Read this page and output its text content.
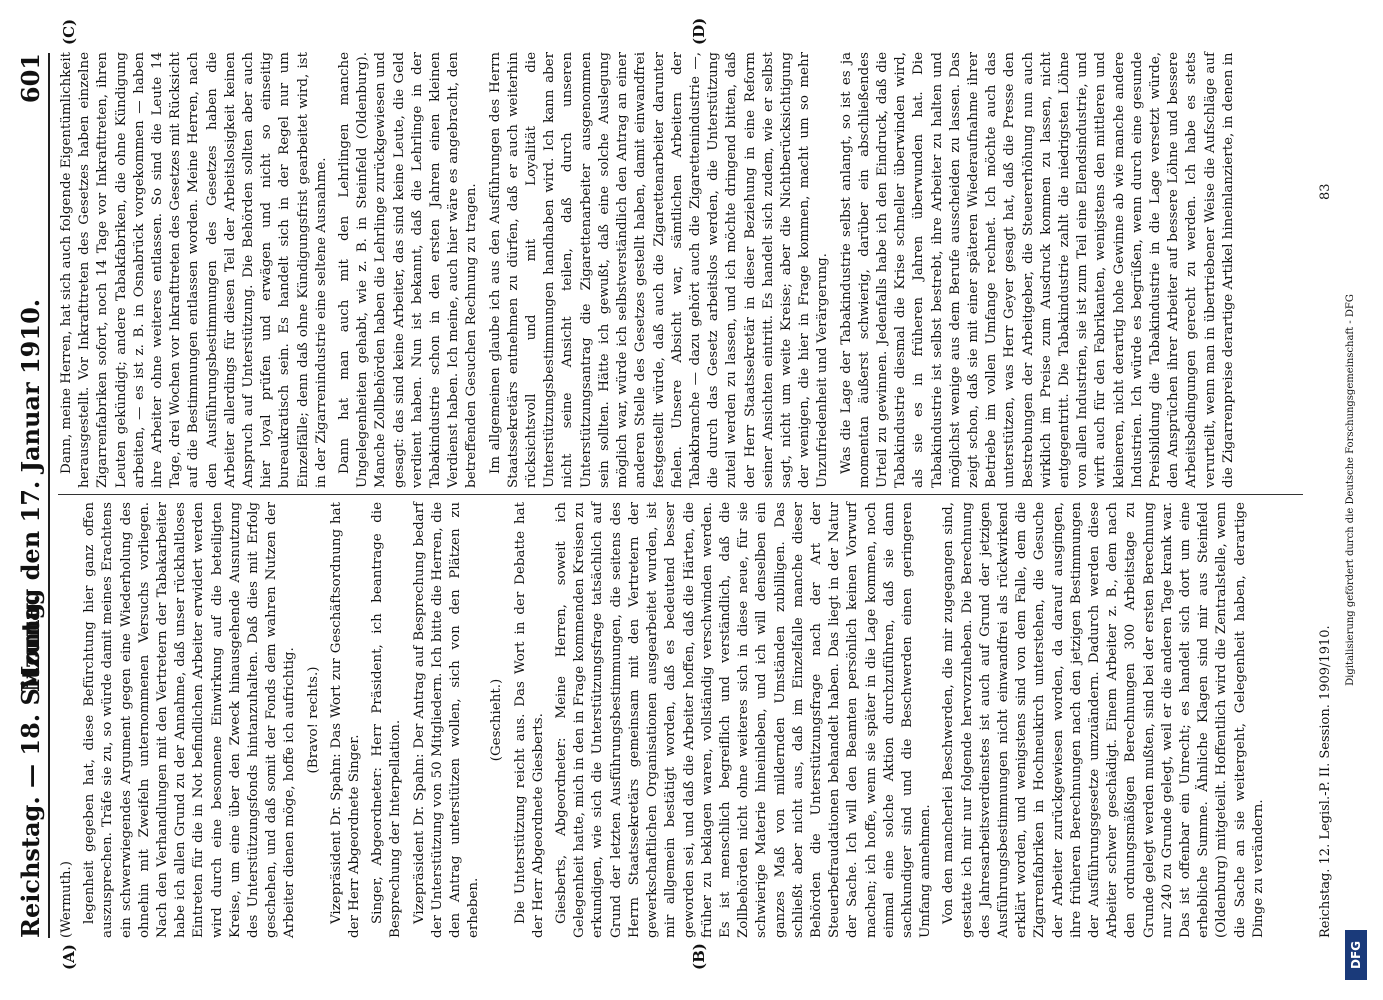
Reichstag. — 18. Sitzung.
Montag den 17. Januar 1910.
601
(A)	(B)
(C)	(D)

(Wermuth.) legenheit gegeben hat, diese Befürchtung hier ganz offen auszusprechen. Träfe sie zu, so würde damit meines Erachtens ein schwerwiegendes Argument gegen eine Wiederholung des ohnehin mit Zweifeln unternommenen Versuchs vorliegen. Nach den Verhandlungen mit den Vertretern der Tabakarbeiter habe ich allen Grund zu der Annahme, daß unser rückhaltloses Eintreten für die in Not befindlichen Arbeiter erwidert werden wird durch eine besonnene Einwirkung auf die beteiligten Kreise, um eine über den Zweck hinausgehende Ausnutzung des Unterstützungsfonds hintanzuhalten. Daß dies mit Erfolg geschehen, und daß somit der Fonds dem wahren Nutzen der Arbeiter dienen möge, hoffe ich aufrichtig. (Bravo! rechts.) Vizepräsident Dr. Spahn: Das Wort zur Geschäftsordnung hat der Herr Abgeordnete Singer. Singer, Abgeordneter: Herr Präsident, ich beantrage die Besprechung der Interpellation. Vizepräsident Dr. Spahn: Der Antrag auf Besprechung bedarf der Unterstützung von 50 Mitgliedern. Ich bitte die Herren, die den Antrag unterstützen wollen, sich von den Plätzen zu erheben.

(Geschieht.) Die Unterstützung reicht aus. Das Wort in der Debatte hat der Herr Abgeordnete Giesberts. Giesberts, Abgeordneter: Meine Herren, soweit ich Gelegenheit hatte, mich in den in Frage kommenden Kreisen zu erkundigen, wie sich die Unterstützungsfrage tatsächlich auf Grund der letzten Ausführungsbestimmungen, die seitens des Herrn Staatssekretärs gemeinsam mit den Vertretern der gewerkschaftlichen Organisationen ausgearbeitet wurden, ist mir allgemein bestätigt worden, daß es bedeutend besser geworden sei, und daß die Arbeiter hoffen, daß die Härten, die früher zu beklagen waren, vollständig verschwinden werden. Es ist menschlich begreiflich und verständlich, daß die Zollbehörden nicht ohne weiteres sich in diese neue, für sie schwierige Materie hineinleben, und ich will denselben ein ganzes Maß von mildernden Umständen zubilligen. Das schließt aber nicht aus, daß im Einzelfalle manche dieser Behörden die Unterstützungsfrage nach der Art der Steuerbefraudationen behandelt haben. Das liegt in der Natur der Sache. Ich will den Beamten persönlich keinen Vorwurf machen; ich hoffe, wenn sie später in die Lage kommen, noch einmal eine solche Aktion durchzuführen, daß sie dann sachkundiger sind und die Beschwerden einen geringeren Umfang annehmen. Von den mancherlei Beschwerden, die mir zugegangen sind, gestatte ich mir nur folgende hervorzuheben. Die Berechnung des Jahresarbeitsverdienstes ist auch auf Grund der jetzigen Ausführungsbestimmungen nicht einwandfrei als rückwirkend erklärt worden, und wenigstens sind von dem Falle, dem die Zigarrenfabriken in Hochneukirch unterstehen, die Gesuche der Arbeiter zurückgewiesen worden, da darauf ausgingen, ihre früheren Berechnungen nach den jetzigen Bestimmungen der Ausführungsgesetze umzuändern. Dadurch werden diese Arbeiter schwer geschädigt. Einem Arbeiter z. B., dem nach den ordnungsmäßigen Berechnungen 300 Arbeitstage zu Grunde gelegt werden mußten, sind bei der ersten Berechnung nur 240 zu Grunde gelegt, weil er die anderen Tage krank war. Das ist offenbar ein Unrecht; es handelt sich dort um eine erhebliche Summe. Ähnliche Klagen sind mir aus Steinfeld (Oldenburg) mitgeteilt. Hoffentlich wird die Zentralstelle, wenn die Sache an sie weitergeht, Gelegenheit haben, derartige Dinge zu verändern.

Dann, meine Herren, hat sich auch folgende Eigentümlichkeit herausgestellt. Vor Inkrafttreten des Gesetzes haben einzelne Zigarrenfabriken sofort, noch 14 Tage vor Inkrafttreten, ihren Leuten gekündigt; andere Tabakfabriken, die ohne Kündigung arbeiten, — es ist z. B. in Osnabrück vorgekommen — haben ihre Arbeiter ohne weiteres entlassen. So sind die Leute 14 Tage, drei Wochen vor Inkrafttreten des Gesetzes mit Rücksicht auf die Bestimmungen entlassen worden. Meine Herren, nach den Ausführungsbestimmungen des Gesetzes haben die Arbeiter allerdings für diesen Teil der Arbeitslosigkeit keinen Anspruch auf Unterstützung. Die Behörden sollten aber auch hier loyal prüfen und erwägen und nicht so einseitig bureaukratisch sein. Es handelt sich in der Regel nur um Einzelfälle; denn daß ohne Kündigungsfrist gearbeitet wird, ist in der Zigarrenindustrie eine seltene Ausnahme. Dann hat man auch mit den Lehrlingen manche Ungelegenheiten gehabt, wie z. B. in Steinfeld (Oldenburg). Manche Zollbehörden haben die Lehrlinge zurückgewiesen und gesagt: das sind keine Arbeiter, das sind keine Leute, die Geld verdient haben. Nun ist bekannt, daß die Lehrlinge in der Tabakindustrie schon in den ersten Jahren einen kleinen Verdienst haben. Ich meine, auch hier wäre es angebracht, den betreffenden Gesuchen Rechnung zu tragen. Im allgemeinen glaube ich aus den Ausführungen des Herrn Staatssekretärs entnehmen zu dürfen, daß er auch weiterhin rücksichtsvoll und mit Loyalität die Unterstützungsbestimmungen handhaben wird. Ich kann aber nicht seine Ansicht teilen, daß durch unseren Unterstützungsantrag die Zigarettenarbeiter ausgenommen sein sollten. Hätte ich gewußt, daß eine solche Auslegung möglich war, würde ich selbstverständlich den Antrag an einer anderen Stelle des Gesetzes gestellt haben, damit einwandfrei festgestellt würde, daß auch die Zigarettenarbeiter darunter fielen. Unsere Absicht war, sämtlichen Arbeitern der Tabakbranche — dazu gehört auch die Zigarettenindustrie —, die durch das Gesetz arbeitslos werden, die Unterstützung zuteil werden zu lassen, und ich möchte dringend bitten, daß der Herr Staatssekretär in dieser Beziehung in eine Reform seiner Ansichten eintritt. Es handelt sich zudem, wie er selbst sagt, nicht um weite Kreise; aber die Nichtberücksichtigung der wenigen, die hier in Frage kommen, macht um so mehr Unzufriedenheit und Verärgerung. Was die Lage der Tabakindustrie selbst anlangt, so ist es ja momentan äußerst schwierig, darüber ein abschließendes Urteil zu gewinnen. Jedenfalls habe ich den Eindruck, daß die Tabakindustrie diesmal die Krise schneller überwinden wird, als sie es in früheren Jahren überwunden hat. Die Tabakindustrie ist selbst bestrebt, ihre Arbeiter zu halten und möglichst wenige aus dem Berufe ausscheiden zu lassen. Das zeigt schon, daß sie mit einer späteren Wiederaufnahme ihrer Betriebe im vollen Umfange rechnet. Ich möchte auch das unterstützen, was Herr Geyer gesagt hat, daß die Presse den Bestrebungen der Arbeitgeber, die Steuererhöhung nun auch wirklich im Preise zum Ausdruck kommen zu lassen, nicht entgegentritt. Die Tabakindustrie zahlt die niedrigsten Löhne von allen Industrien, sie ist zum Teil eine Elendsindustrie, und wirft auch für den Fabrikanten, wenigstens den mittleren und kleineren, nicht derartig hohe Gewinne ab wie manche andere Industrien. Ich würde es begrüßen, wenn durch eine gesunde Preisbildung die Tabakindustrie in die Lage versetzt würde, den Ansprüchen ihrer Arbeiter auf bessere Löhne und bessere Arbeitsbedingungen gerecht zu werden. Ich habe es stets verurteilt, wenn man in übertriebener Weise die Aufschläge auf die Zigarrenpreise derartige Artikel hineinlanzierte, in denen in

Reichstag. 12. Legisl.-P. II. Session. 1909/1910.
83
DFG
Digitalisierung gefördert durch die Deutsche Forschungsgemeinschaft - DFG
